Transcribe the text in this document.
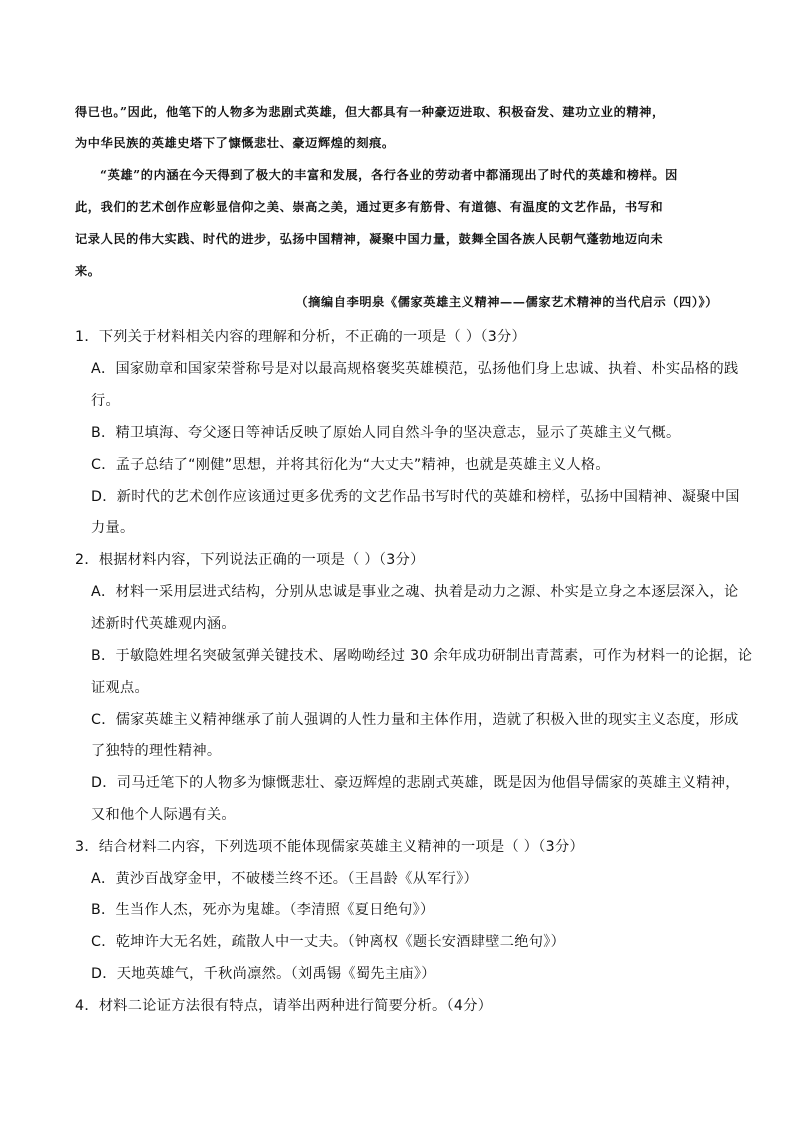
得已也。”因此，他笔下的人物多为悲剧式英雄，但大都具有一种豪迈进取、积极奋发、建功立业的精神，
为中华民族的英雄史塔下了慷慨悲壮、豪迈辉煌的刻痕。
“英雄”的内涵在今天得到了极大的丰富和发展，各行各业的劳动者中都涌现出了时代的英雄和榜样。因
此，我们的艺术创作应彰显信仰之美、崇高之美，通过更多有筋骨、有道德、有温度的文艺作品，书写和
记录人民的伟大实践、时代的进步，弘扬中国精神，凝聚中国力量，鼓舞全国各族人民朝气蓬勃地迈向未
来。
（摘编自李明泉《儒家英雄主义精神——儒家艺术精神的当代启示（四）》）
1．下列关于材料相关内容的理解和分析，不正确的一项是（ ）（3分）
A．国家勋章和国家荣誉称号是对以最高规格褒奖英雄模范，弘扬他们身上忠诚、执着、朴实品格的践
行。
B．精卫填海、夸父逐日等神话反映了原始人同自然斗争的坚决意志，显示了英雄主义气概。
C．孟子总结了“刚健”思想，并将其衍化为“大丈夫”精神，也就是英雄主义人格。
D．新时代的艺术创作应该通过更多优秀的文艺作品书写时代的英雄和榜样，弘扬中国精神、凝聚中国
力量。
2．根据材料内容，下列说法正确的一项是（ ）（3分）
A．材料一采用层进式结构，分别从忠诚是事业之魂、执着是动力之源、朴实是立身之本逐层深入，论
述新时代英雄观内涵。
B．于敏隐姓埋名突破氢弹关键技术、屠呦呦经过 30 余年成功研制出青蒿素，可作为材料一的论据，论
证观点。
C．儒家英雄主义精神继承了前人强调的人性力量和主体作用，造就了积极入世的现实主义态度，形成
了独特的理性精神。
D．司马迁笔下的人物多为慷慨悲壮、豪迈辉煌的悲剧式英雄，既是因为他倡导儒家的英雄主义精神，
又和他个人际遇有关。
3．结合材料二内容，下列选项不能体现儒家英雄主义精神的一项是（ ）（3分）
A．黄沙百战穿金甲，不破楼兰终不还。（王昌龄《从军行》）
B．生当作人杰，死亦为鬼雄。（李清照《夏日绝句》）
C．乾坤许大无名姓，疏散人中一丈夫。（钟离权《题长安酒肆壁二绝句》）
D．天地英雄气，千秋尚凛然。（刘禹锡《蜀先主庙》）
4．材料二论证方法很有特点，请举出两种进行简要分析。（4分）
